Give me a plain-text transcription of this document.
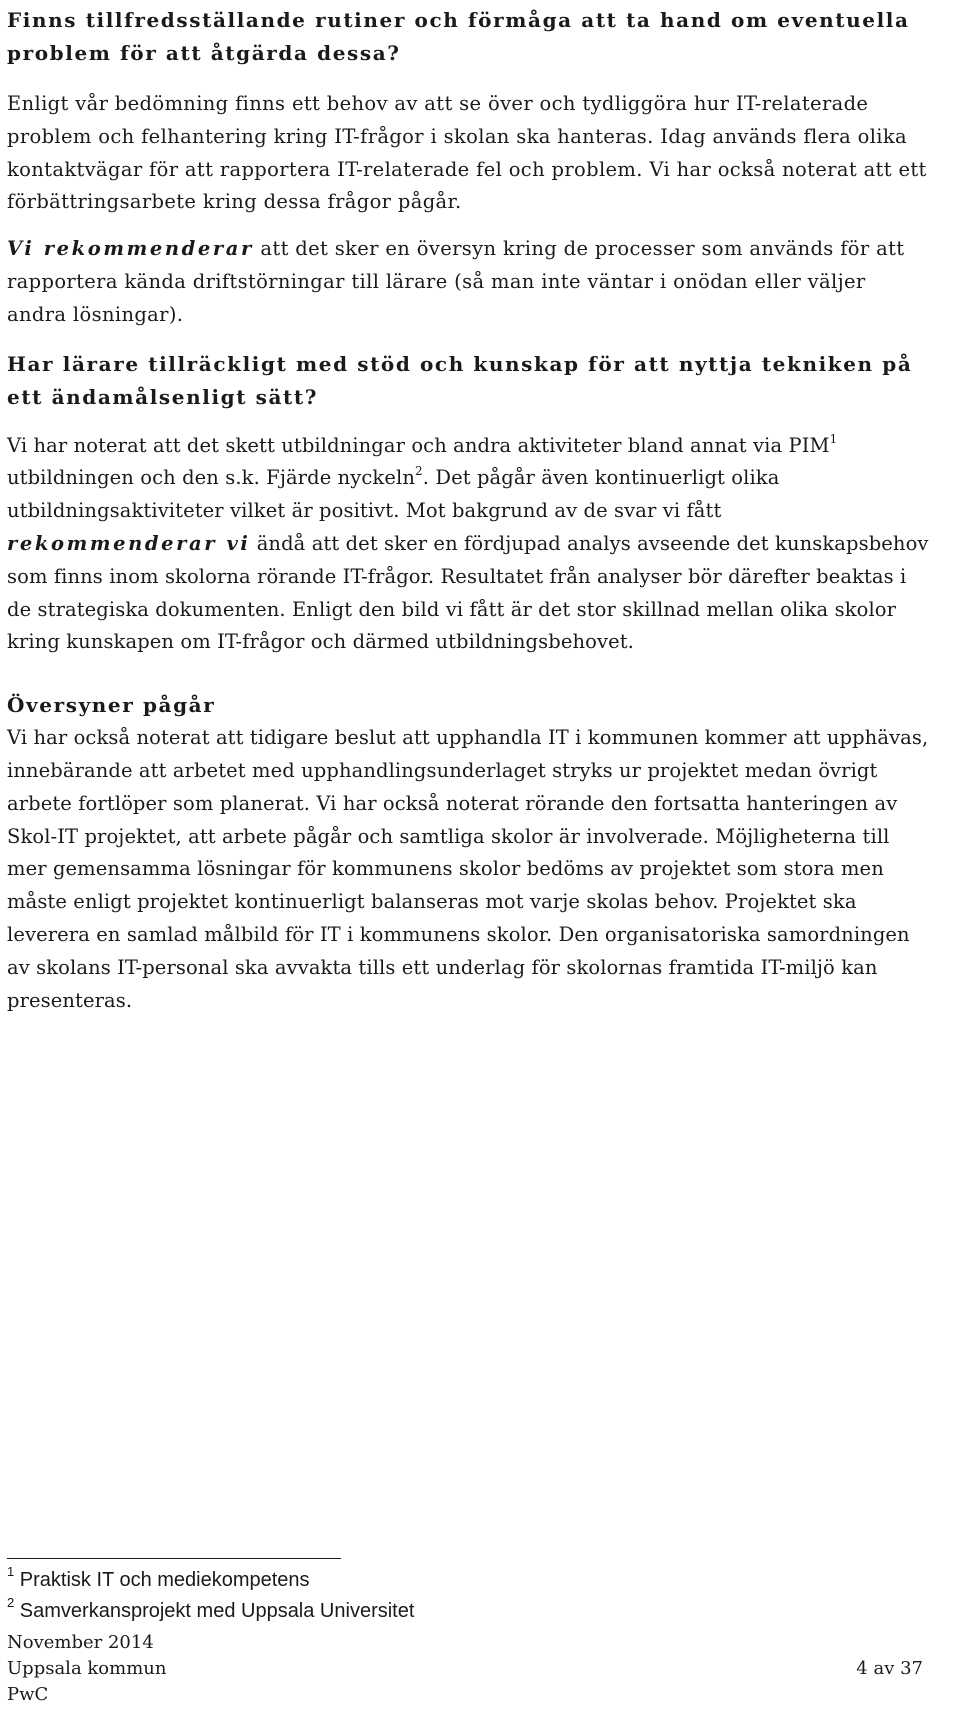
Finns tillfredsställande rutiner och förmåga att ta hand om eventuella problem för att åtgärda dessa?

Enligt vår bedömning finns ett behov av att se över och tydliggöra hur IT-relaterade problem och felhantering kring IT-frågor i skolan ska hanteras. Idag används flera olika kontaktvägar för att rapportera IT-relaterade fel och problem. Vi har också noterat att ett förbättringsarbete kring dessa frågor pågår.

Vi rekommenderar att det sker en översyn kring de processer som används för att rapportera kända driftstörningar till lärare (så man inte väntar i onödan eller väljer andra lösningar).

Har lärare tillräckligt med stöd och kunskap för att nyttja tekniken på ett ändamålsenligt sätt?

Vi har noterat att det skett utbildningar och andra aktiviteter bland annat via PIM$^1$ utbildningen och den s.k. Fjärde nyckeln$^2$. Det pågår även kontinuerligt olika utbildningsaktiviteter vilket är positivt. Mot bakgrund av de svar vi fått rekommenderar vi ändå att det sker en fördjupad analys avseende det kunskapsbehov som finns inom skolorna rörande IT-frågor. Resultatet från analyser bör därefter beaktas i de strategiska dokumenten. Enligt den bild vi fått är det stor skillnad mellan olika skolor kring kunskapen om IT-frågor och därmed utbildningsbehovet.

Översyner pågår

Vi har också noterat att tidigare beslut att upphandla IT i kommunen kommer att upphävas, innebärande att arbetet med upphandlingsunderlaget stryks ur projektet medan övrigt arbete fortlöper som planerat. Vi har också noterat rörande den fortsatta hanteringen av Skol-IT projektet, att arbete pågår och samtliga skolor är involverade. Möjligheterna till mer gemensamma lösningar för kommunens skolor bedöms av projektet som stora men måste enligt projektet kontinuerligt balanseras mot varje skolas behov. Projektet ska leverera en samlad målbild för IT i kommunens skolor. Den organisatoriska samordningen av skolans IT-personal ska avvakta tills ett underlag för skolornas framtida IT-miljö kan presenteras.

$^1$ Praktisk IT och mediekompetens
$^2$ Samverkansprojekt med Uppsala Universitet
November 2014
Uppsala kommun	4 av 37
PwC
